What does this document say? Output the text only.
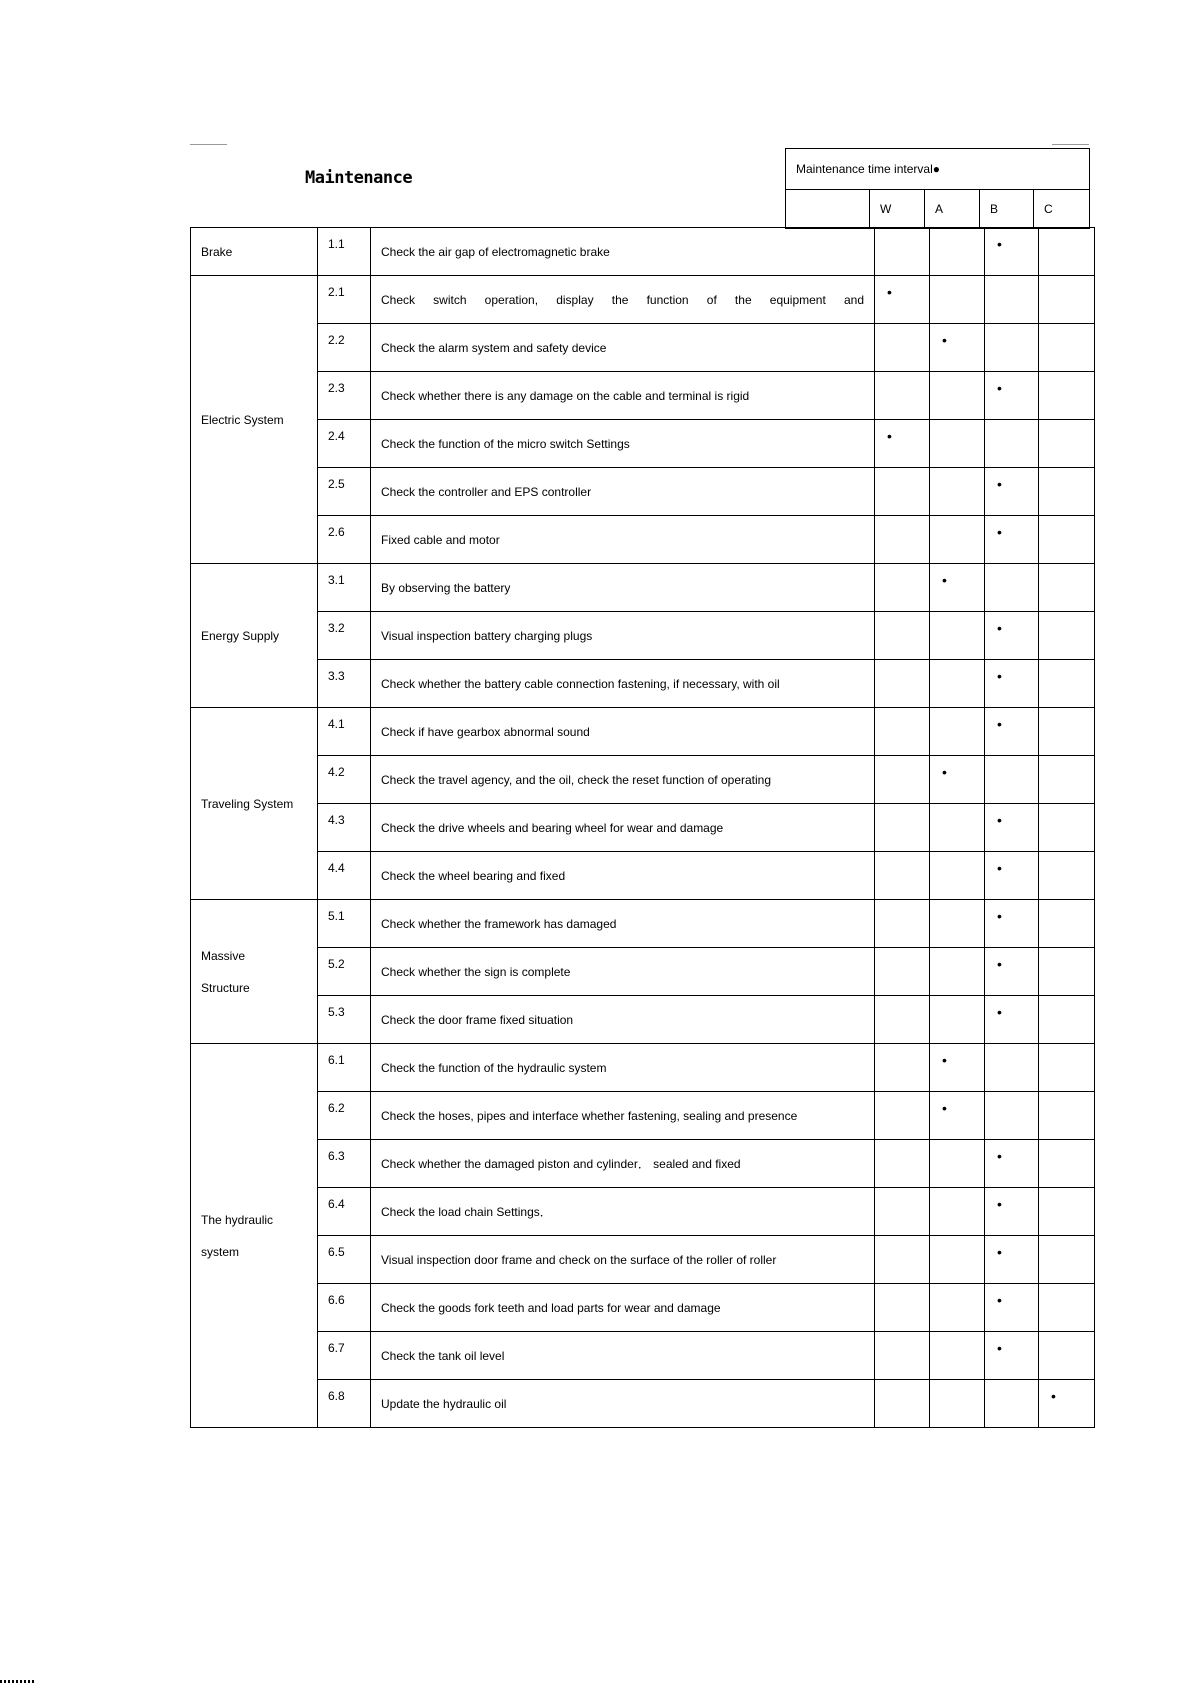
Maintenance	Maintenance time interval●
	W	A	B	C
Brake	1.1	Check the air gap of electromagnetic brake			•	
Electric System	2.1	Check switch operation, display the function of the equipment and	•			
	2.2	Check the alarm system and safety device		•		
	2.3	Check whether there is any damage on the cable and terminal is rigid			•	
	2.4	Check the function of the micro switch Settings	•			
	2.5	Check the controller and EPS controller			•	
	2.6	Fixed cable and motor			•	
Energy Supply	3.1	By observing the battery		•		
	3.2	Visual inspection battery charging plugs			•	
	3.3	Check whether the battery cable connection fastening, if necessary, with oil			•	
Traveling System	4.1	Check if have gearbox abnormal sound			•	
	4.2	Check the travel agency, and the oil, check the reset function of operating		•		
	4.3	Check the drive wheels and bearing wheel for wear and damage			•	
	4.4	Check the wheel bearing and fixed			•	

Massive
Structure	5.1	Check whether the framework has damaged			•	
	5.2	Check whether the sign is complete			•	
	5.3	Check the door frame fixed situation			•	

The hydraulic
system	6.1	Check the function of the hydraulic system		•		
	6.2	Check the hoses, pipes and interface whether fastening, sealing and presence		•		
	6.3	Check whether the damaged piston and cylinder． sealed and fixed			•	
	6.4	Check the load chain Settings．			•	
	6.5	Visual inspection door frame and check on the surface of the roller of roller			•	
	6.6	Check the goods fork teeth and load parts for wear and damage			•	
	6.7	Check the tank oil level			•	
	6.8	Update the hydraulic oil				•
